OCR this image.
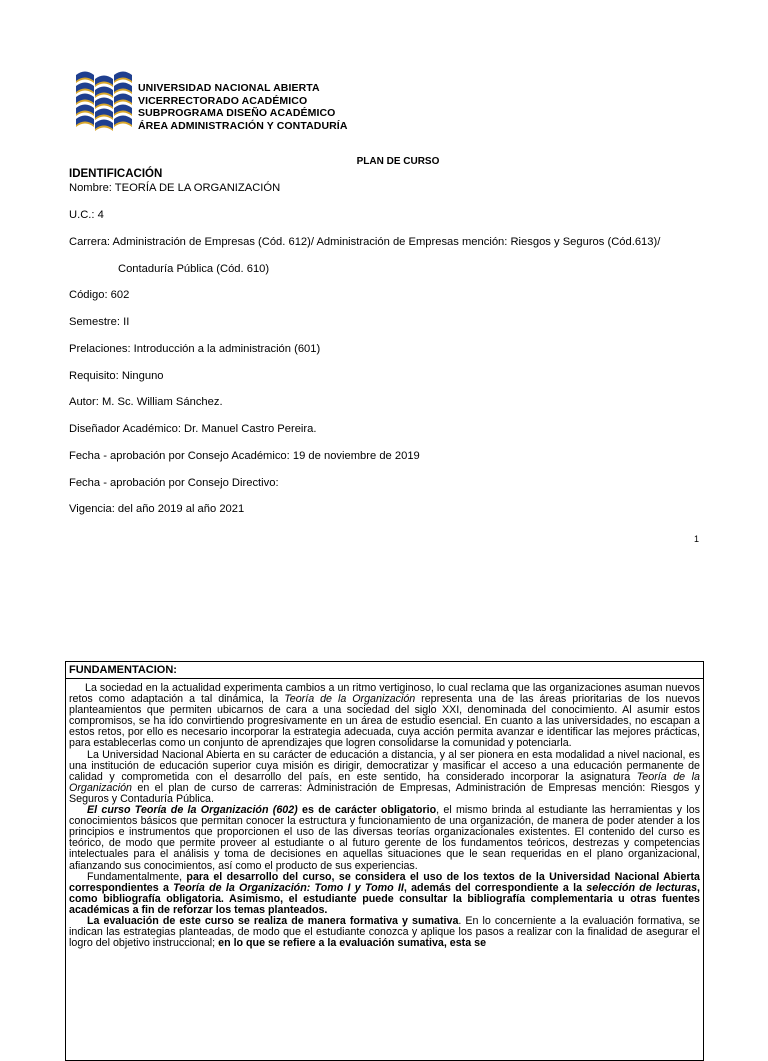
UNIVERSIDAD NACIONAL ABIERTA
VICERRECTORADO ACADÉMICO
SUBPROGRAMA DISEÑO ACADÉMICO
ÁREA ADMINISTRACIÓN Y CONTADURÍA
PLAN DE CURSO
IDENTIFICACIÓN
Nombre: TEORÍA DE LA ORGANIZACIÓN
U.C.: 4
Carrera: Administración de Empresas (Cód. 612)/ Administración de Empresas mención: Riesgos y Seguros (Cód.613)/
Contaduría Pública (Cód. 610)
Código: 602
Semestre: II
Prelaciones: Introducción a la administración (601)
Requisito: Ninguno
Autor: M. Sc. William Sánchez.
Diseñador Académico: Dr. Manuel Castro Pereira.
Fecha - aprobación por Consejo Académico: 19 de noviembre de 2019
Fecha - aprobación por Consejo Directivo:
Vigencia: del año 2019 al año 2021
1
FUNDAMENTACION:

La sociedad en la actualidad experimenta cambios a un ritmo vertiginoso, lo cual reclama que las organizaciones asuman nuevos retos como adaptación a tal dinámica, la Teoría de la Organización representa una de las áreas prioritarias de los nuevos planteamientos que permiten ubicarnos de cara a una sociedad del siglo XXI, denominada del conocimiento. Al asumir estos compromisos, se ha ido convirtiendo progresivamente en un área de estudio esencial. En cuanto a las universidades, no escapan a estos retos, por ello es necesario incorporar la estrategia adecuada, cuya acción permita avanzar e identificar las mejores prácticas, para establecerlas como un conjunto de aprendizajes que logren consolidarse la comunidad y potenciarla.

La Universidad Nacional Abierta en su carácter de educación a distancia, y al ser pionera en esta modalidad a nivel nacional, es una institución de educación superior cuya misión es dirigir, democratizar y masificar el acceso a una educación permanente de calidad y comprometida con el desarrollo del país, en este sentido, ha considerado incorporar la asignatura Teoría de la Organización en el plan de curso de carreras: Administración de Empresas, Administración de Empresas mención: Riesgos y Seguros y Contaduría Pública.

El curso Teoría de la Organización (602) es de carácter obligatorio, el mismo brinda al estudiante las herramientas y los conocimientos básicos que permitan conocer la estructura y funcionamiento de una organización, de manera de poder atender a los principios e instrumentos que proporcionen el uso de las diversas teorías organizacionales existentes. El contenido del curso es teórico, de modo que permite proveer al estudiante o al futuro gerente de los fundamentos teóricos, destrezas y competencias intelectuales para el análisis y toma de decisiones en aquellas situaciones que le sean requeridas en el plano organizacional, afianzando sus conocimientos, así como el producto de sus experiencias.

Fundamentalmente, para el desarrollo del curso, se considera el uso de los textos de la Universidad Nacional Abierta correspondientes a Teoría de la Organización: Tomo I y Tomo II, además del correspondiente a la selección de lecturas, como bibliografía obligatoria. Asimismo, el estudiante puede consultar la bibliografía complementaria u otras fuentes académicas a fin de reforzar los temas planteados.

La evaluación de este curso se realiza de manera formativa y sumativa. En lo concerniente a la evaluación formativa, se indican las estrategias planteadas, de modo que el estudiante conozca y aplique los pasos a realizar con la finalidad de asegurar el logro del objetivo instruccional; en lo que se refiere a la evaluación sumativa, esta se
